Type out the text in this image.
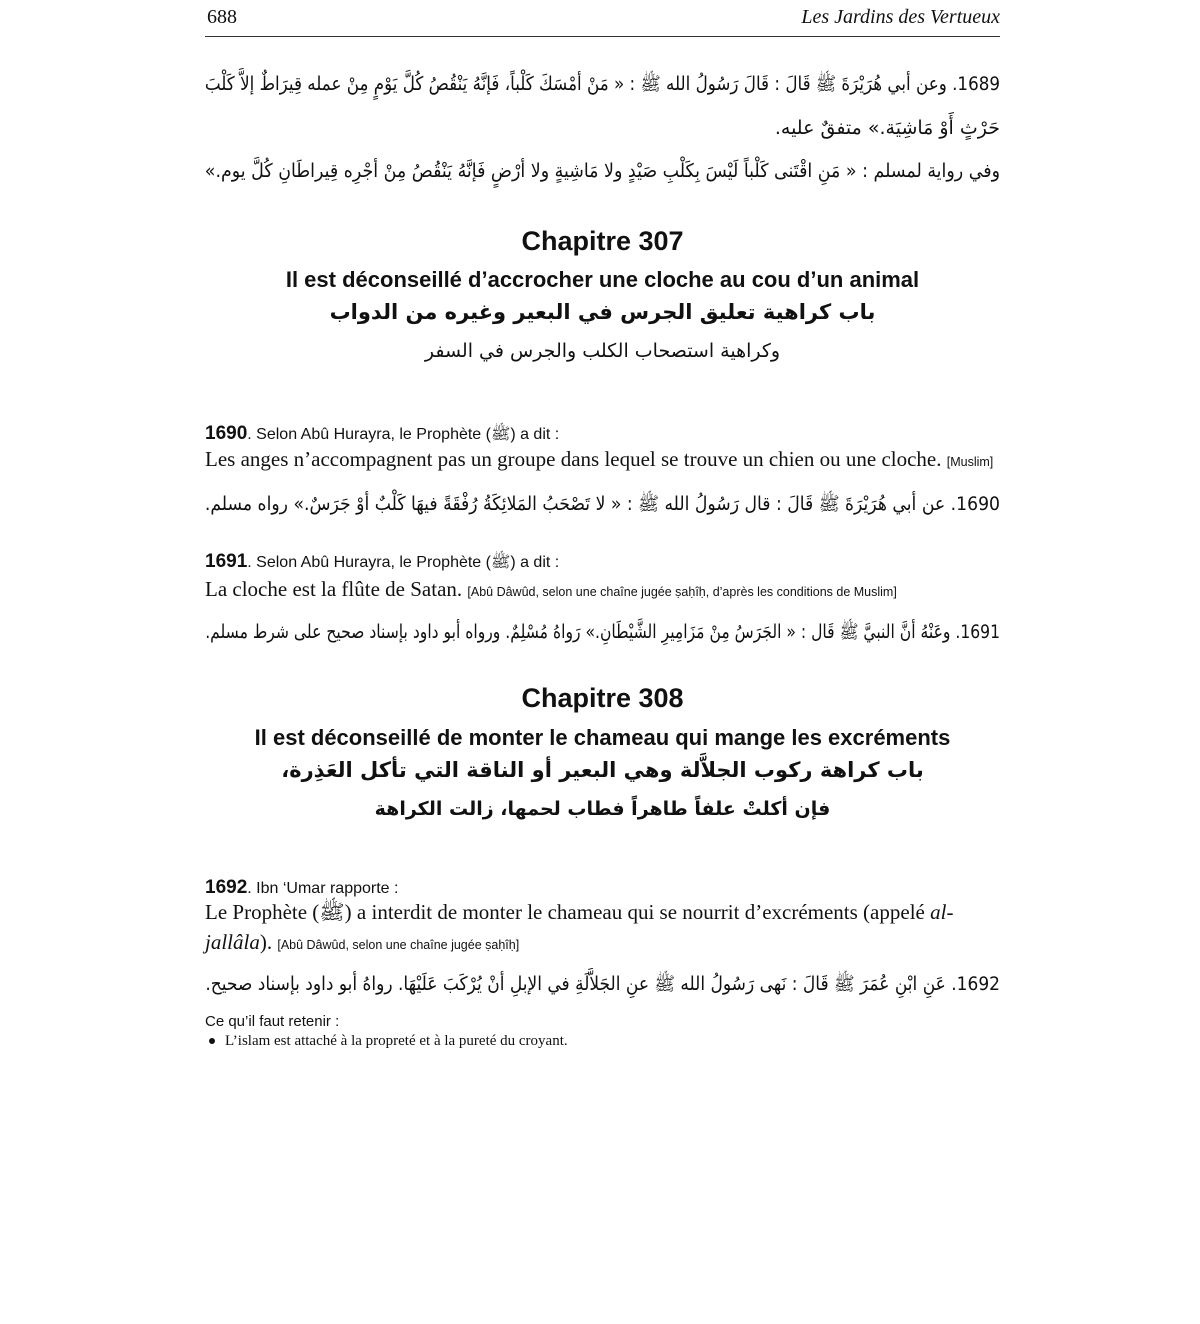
688	Les Jardins des Vertueux
1689. وعن أبي هُرَيْرَةَ ﷺ قَالَ : قَالَ رَسُولُ الله ﷺ : « مَنْ أمْسَكَ كَلْباً، فَإنَّهُ يَنْقُصُ كُلَّ يَوْمٍ مِنْ عمله قِيرَاطٌ إلاَّ كَلْبَ
حَرْثٍ أَوْ مَاشِيَة.» متفقٌ عليه.
وفي رواية لمسلم : « مَنِ اقْتَنى كَلْباً لَيْسَ بِكَلْبِ صَيْدٍ ولا مَاشِيةٍ ولا أرْضٍ فَإنَّهُ يَنْقُصُ مِنْ أجْرِه قِيراطَانِ كُلَّ يوم.»
Chapitre 307
Il est déconseillé d’accrocher une cloche au cou d’un animal
باب كراهية تعليق الجرس في البعير وغيره من الدواب
وكراهية استصحاب الكلب والجرس في السفر
1690. Selon Abû Hurayra, le Prophète (ﷺ) a dit :
Les anges n’accompagnent pas un groupe dans lequel se trouve un chien ou une cloche. [Muslim]
1690. عن أبي هُرَيْرَةَ ﷺ قَالَ : قال رَسُولُ الله ﷺ : « لا تَصْحَبُ المَلائِكَةُ رُفْقَةً فيهَا كَلْبٌ أوْ جَرَسٌ.» رواه مسلم.
1691. Selon Abû Hurayra, le Prophète (ﷺ) a dit :
La cloche est la flûte de Satan. [Abû Dâwûd, selon une chaîne jugée ṣaḥîḥ, d’après les conditions de Muslim]
1691. وعَنْهُ أنَّ النبيَّ ﷺ قَال : « الجَرَسُ مِنْ مَزَامِيرِ الشَّيْطَانِ.» رَواهُ مُسْلِمٌ. ورواه أبو داود بإسناد صحيح على شرط مسلم.
Chapitre 308
Il est déconseillé de monter le chameau qui mange les excréments
باب كراهة ركوب الجلاَّلة وهي البعير أو الناقة التي تأكل العَذِرة،
فإن أكلتْ علفاً طاهراً فطاب لحمها، زالت الكراهة
1692. Ibn ‘Umar rapporte :
Le Prophète (ﷺ) a interdit de monter le chameau qui se nourrit d’excréments (appelé al-jallâla). [Abû Dâwûd, selon une chaîne jugée ṣaḥîḥ]
1692. عَنِ ابْنِ عُمَرَ ﷺ قَالَ : نَهى رَسُولُ الله ﷺ عنِ الجَلاَّلَةِ في الإبلِ أنْ يُرْكَبَ عَلَيْهَا. رواهُ أبو داود بإسناد صحيح.
Ce qu’il faut retenir :
L’islam est attaché à la propreté et à la pureté du croyant.
